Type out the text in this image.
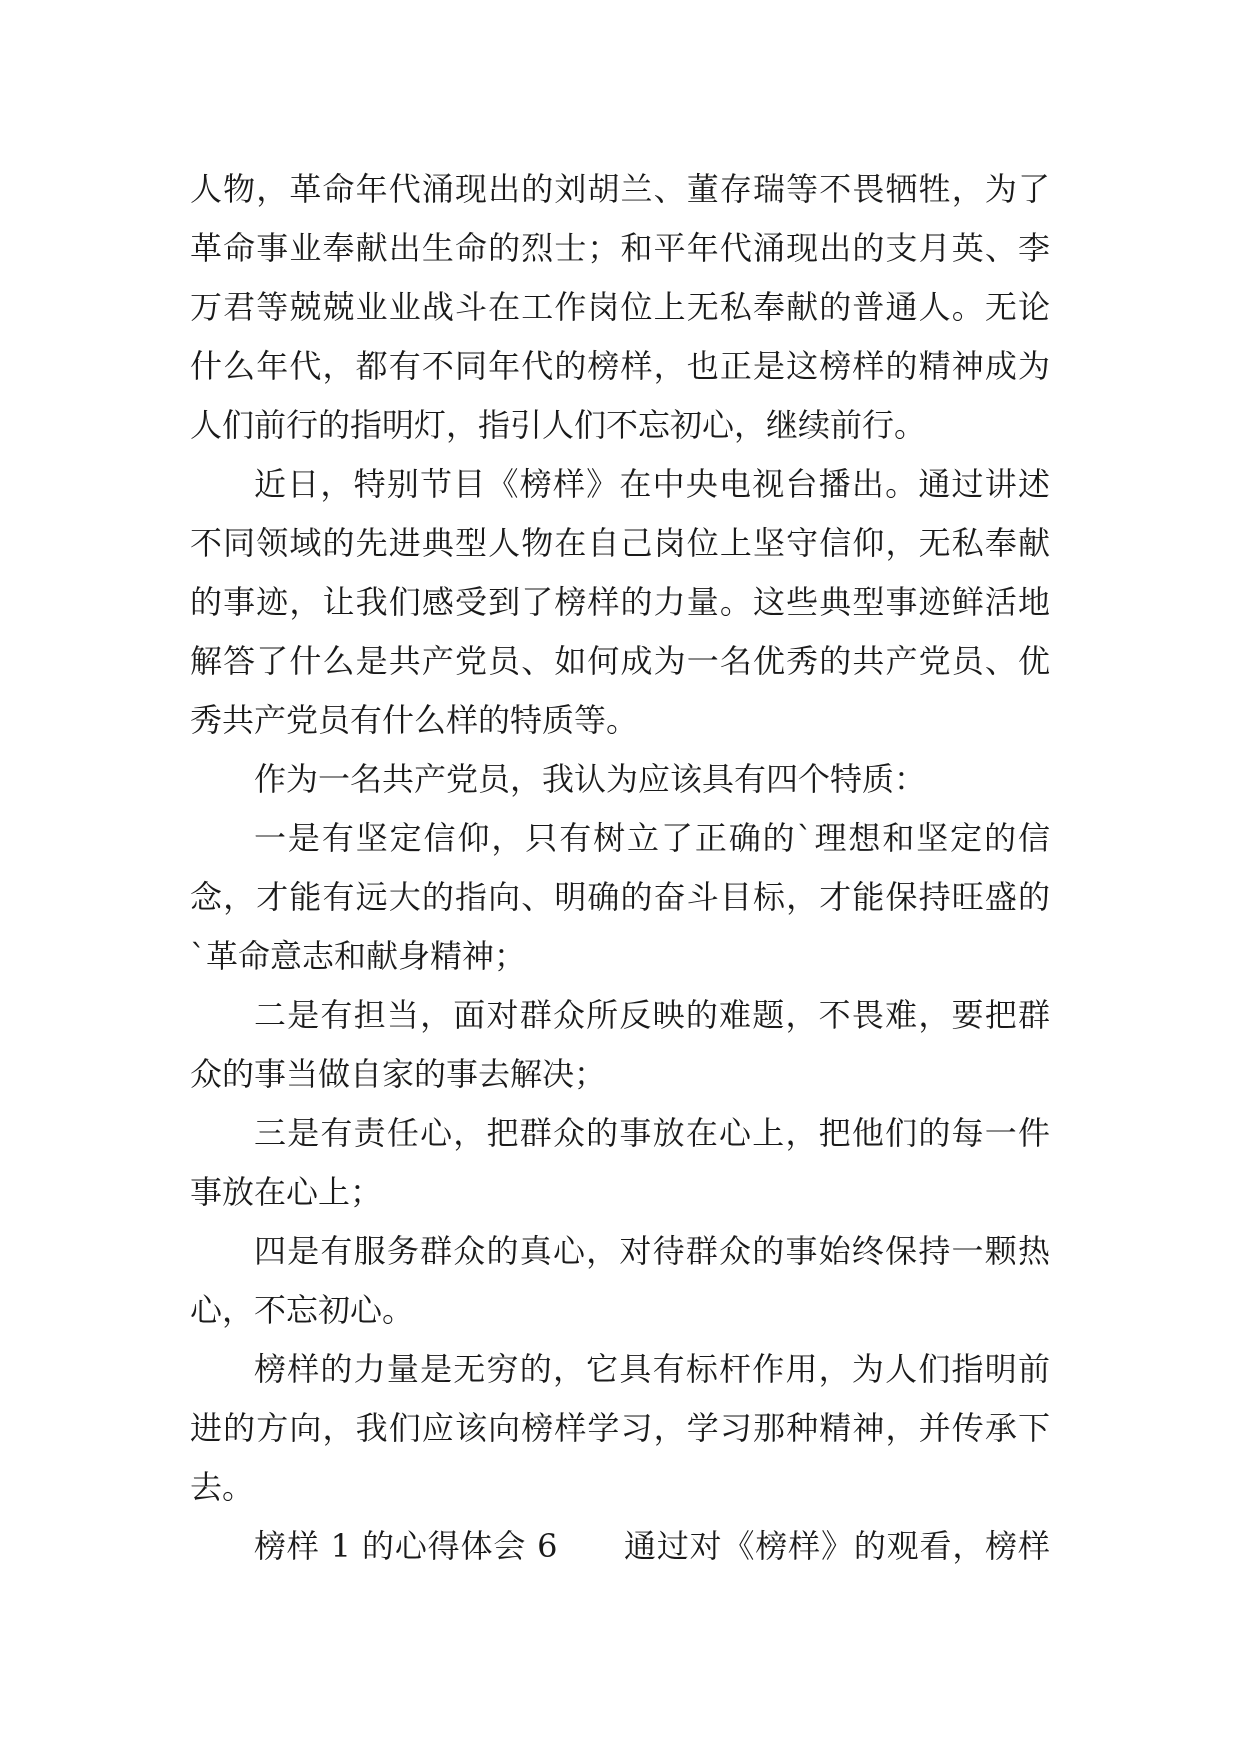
人物，革命年代涌现出的刘胡兰、董存瑞等不畏牺牲，为了
革命事业奉献出生命的烈士；和平年代涌现出的支月英、李
万君等兢兢业业战斗在工作岗位上无私奉献的普通人。无论
什么年代，都有不同年代的榜样，也正是这榜样的精神成为
人们前行的指明灯，指引人们不忘初心，继续前行。
近日，特别节目《榜样》在中央电视台播出。通过讲述
不同领域的先进典型人物在自己岗位上坚守信仰，无私奉献
的事迹，让我们感受到了榜样的力量。这些典型事迹鲜活地
解答了什么是共产党员、如何成为一名优秀的共产党员、优
秀共产党员有什么样的特质等。
作为一名共产党员，我认为应该具有四个特质：
一是有坚定信仰，只有树立了正确的`理想和坚定的信
念，才能有远大的指向、明确的奋斗目标，才能保持旺盛的
`革命意志和献身精神；
二是有担当，面对群众所反映的难题，不畏难，要把群
众的事当做自家的事去解决；
三是有责任心，把群众的事放在心上，把他们的每一件
事放在心上；
四是有服务群众的真心，对待群众的事始终保持一颗热
心，不忘初心。
榜样的力量是无穷的，它具有标杆作用，为人们指明前
进的方向，我们应该向榜样学习，学习那种精神，并传承下
去。
榜样 1 的心得体会 6　　通过对《榜样》的观看，榜样
